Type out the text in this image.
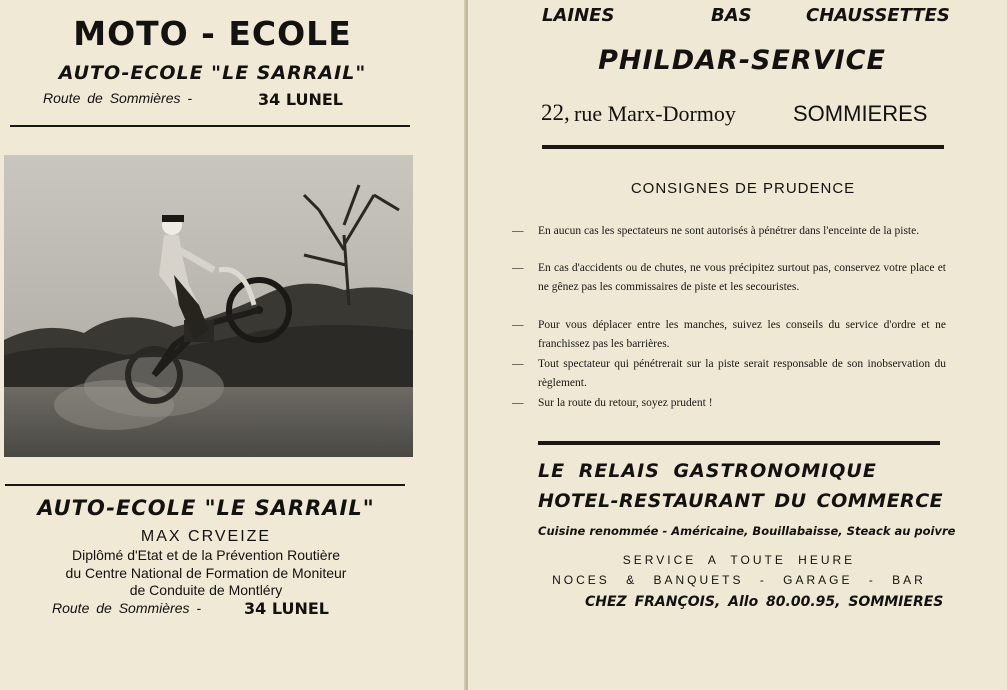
MOTO - ECOLE
AUTO-ECOLE "LE SARRAIL"
Route de Sommières -	34 LUNEL
AUTO-ECOLE "LE SARRAIL"
MAX CRVEIZE
Diplômé d'Etat et de la Prévention Routière
du Centre National de Formation de Moniteur
de Conduite de Montléry
Route de Sommières -	34 LUNEL
LAINES	BAS	CHAUSSETTES
PHILDAR-SERVICE
22, rue Marx-Dormoy	SOMMIERES
CONSIGNES DE PRUDENCE

— En aucun cas les spectateurs ne sont autorisés à pénétrer dans l'enceinte de la piste.

— En cas d'accidents ou de chutes, ne vous précipitez surtout pas, conservez votre place et ne gênez pas les commissaires de piste et les secouristes.

— Pour vous déplacer entre les manches, suivez les conseils du service d'ordre et ne franchissez pas les barrières.

— Tout spectateur qui pénétrerait sur la piste serait responsable de son inobservation du règlement.

— Sur la route du retour, soyez prudent !

LE RELAIS GASTRONOMIQUE
HOTEL-RESTAURANT DU COMMERCE
Cuisine renommée - Américaine, Bouillabaisse, Steack au poivre
SERVICE A TOUTE HEURE
NOCES & BANQUETS - GARAGE - BAR
CHEZ FRANÇOIS, Allo 80.00.95, SOMMIERES
